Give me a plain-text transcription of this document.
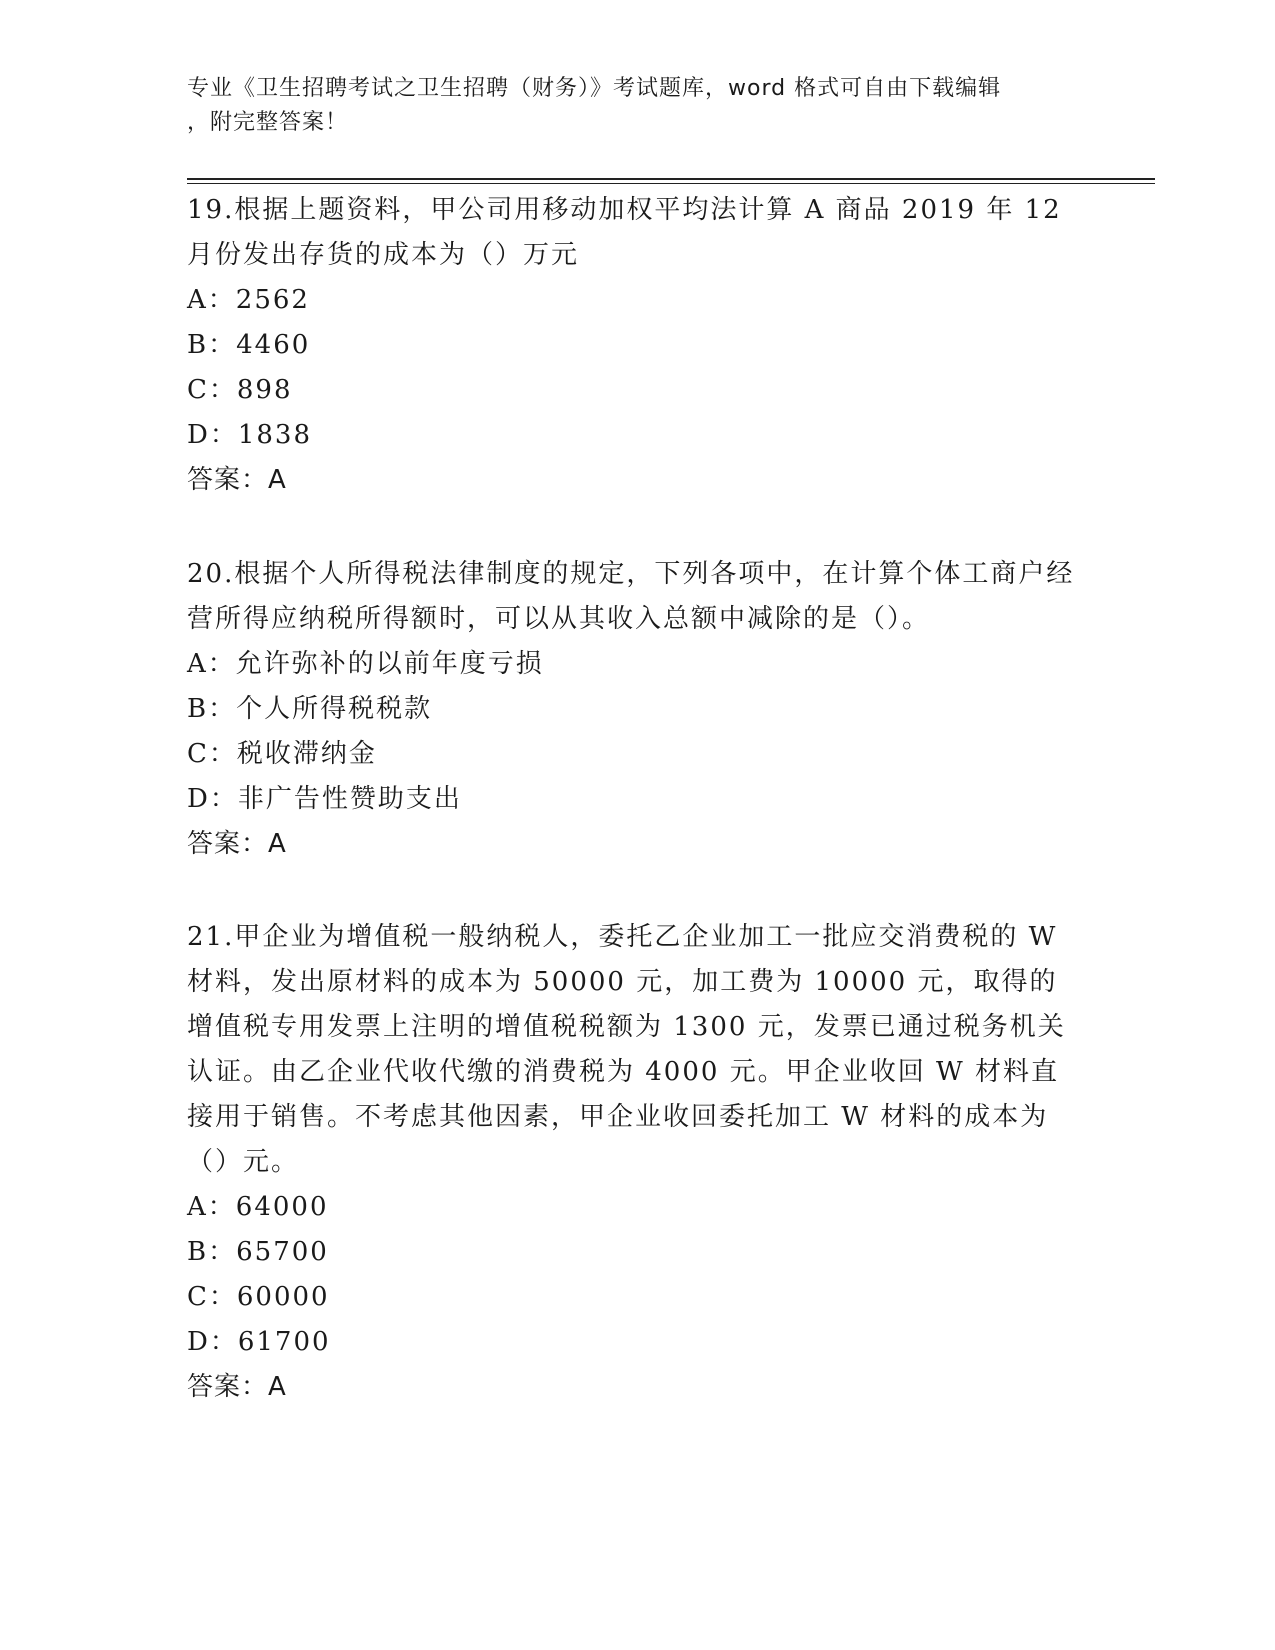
专业《卫生招聘考试之卫生招聘（财务）》考试题库，word 格式可自由下载编辑
，附完整答案！

19.根据上题资料，甲公司用移动加权平均法计算 A 商品 2019 年 12 月份发出存货的成本为（）万元

A：2562

B：4460

C：898

D：1838

答案：A

20.根据个人所得税法律制度的规定，下列各项中，在计算个体工商户经营所得应纳税所得额时，可以从其收入总额中减除的是（）。

A：允许弥补的以前年度亏损

B：个人所得税税款

C：税收滞纳金

D：非广告性赞助支出

答案：A

21.甲企业为增值税一般纳税人，委托乙企业加工一批应交消费税的 W 材料，发出原材料的成本为 50000 元，加工费为 10000 元，取得的增值税专用发票上注明的增值税税额为 1300 元，发票已通过税务机关认证。由乙企业代收代缴的消费税为 4000 元。甲企业收回 W 材料直接用于销售。不考虑其他因素，甲企业收回委托加工 W 材料的成本为（）元。

A：64000

B：65700

C：60000

D：61700

答案：A
